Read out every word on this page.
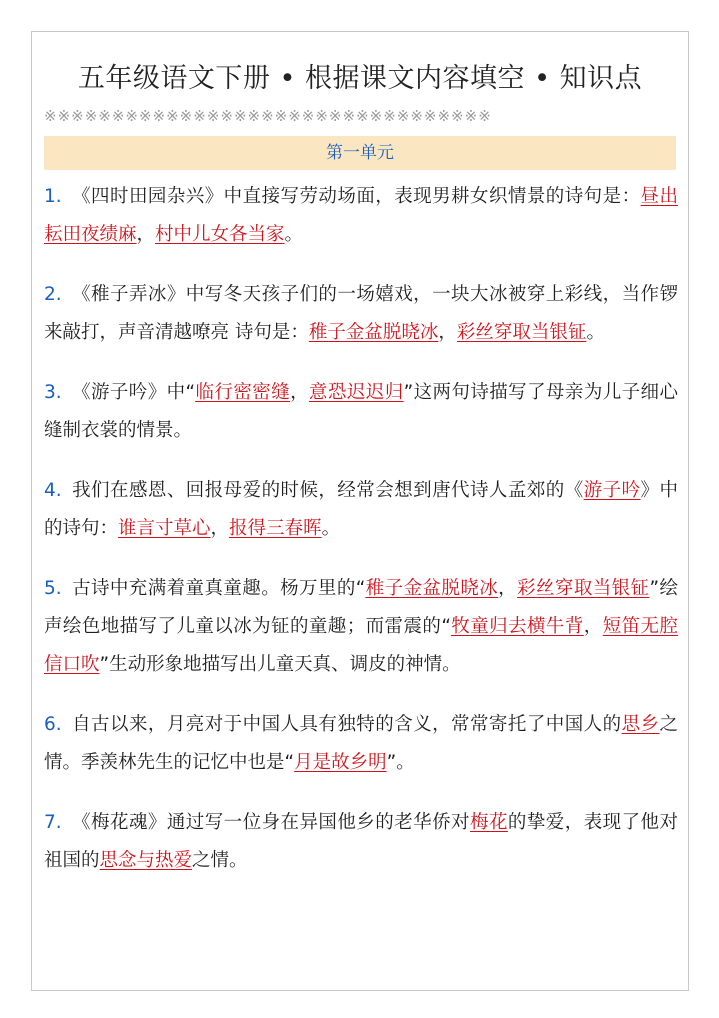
五年级语文下册 • 根据课文内容填空 • 知识点
※※※※※※※※※※※※※※※※※※※※※※※※※※※※※※※※※
第一单元
1. 《四时田园杂兴》中直接写劳动场面，表现男耕女织情景的诗句是：昼出耘田夜绩麻，村中儿女各当家。
2. 《稚子弄冰》中写冬天孩子们的一场嬉戏，一块大冰被穿上彩线，当作锣来敲打，声音清越嘹亮 诗句是：稚子金盆脱晓冰，彩丝穿取当银钲。
3. 《游子吟》中“临行密密缝，意恐迟迟归”这两句诗描写了母亲为儿子细心缝制衣裳的情景。
4. 我们在感恩、回报母爱的时候，经常会想到唐代诗人孟郊的《游子吟》中的诗句：谁言寸草心，报得三春晖。
5. 古诗中充满着童真童趣。杨万里的“稚子金盆脱晓冰，彩丝穿取当银钲”绘声绘色地描写了儿童以冰为钲的童趣；而雷震的“牧童归去横牛背，短笛无腔信口吹”生动形象地描写出儿童天真、调皮的神情。
6. 自古以来，月亮对于中国人具有独特的含义，常常寄托了中国人的思乡之情。季羡林先生的记忆中也是“月是故乡明”。
7. 《梅花魂》通过写一位身在异国他乡的老华侨对梅花的挚爱，表现了他对祖国的思念与热爱之情。
